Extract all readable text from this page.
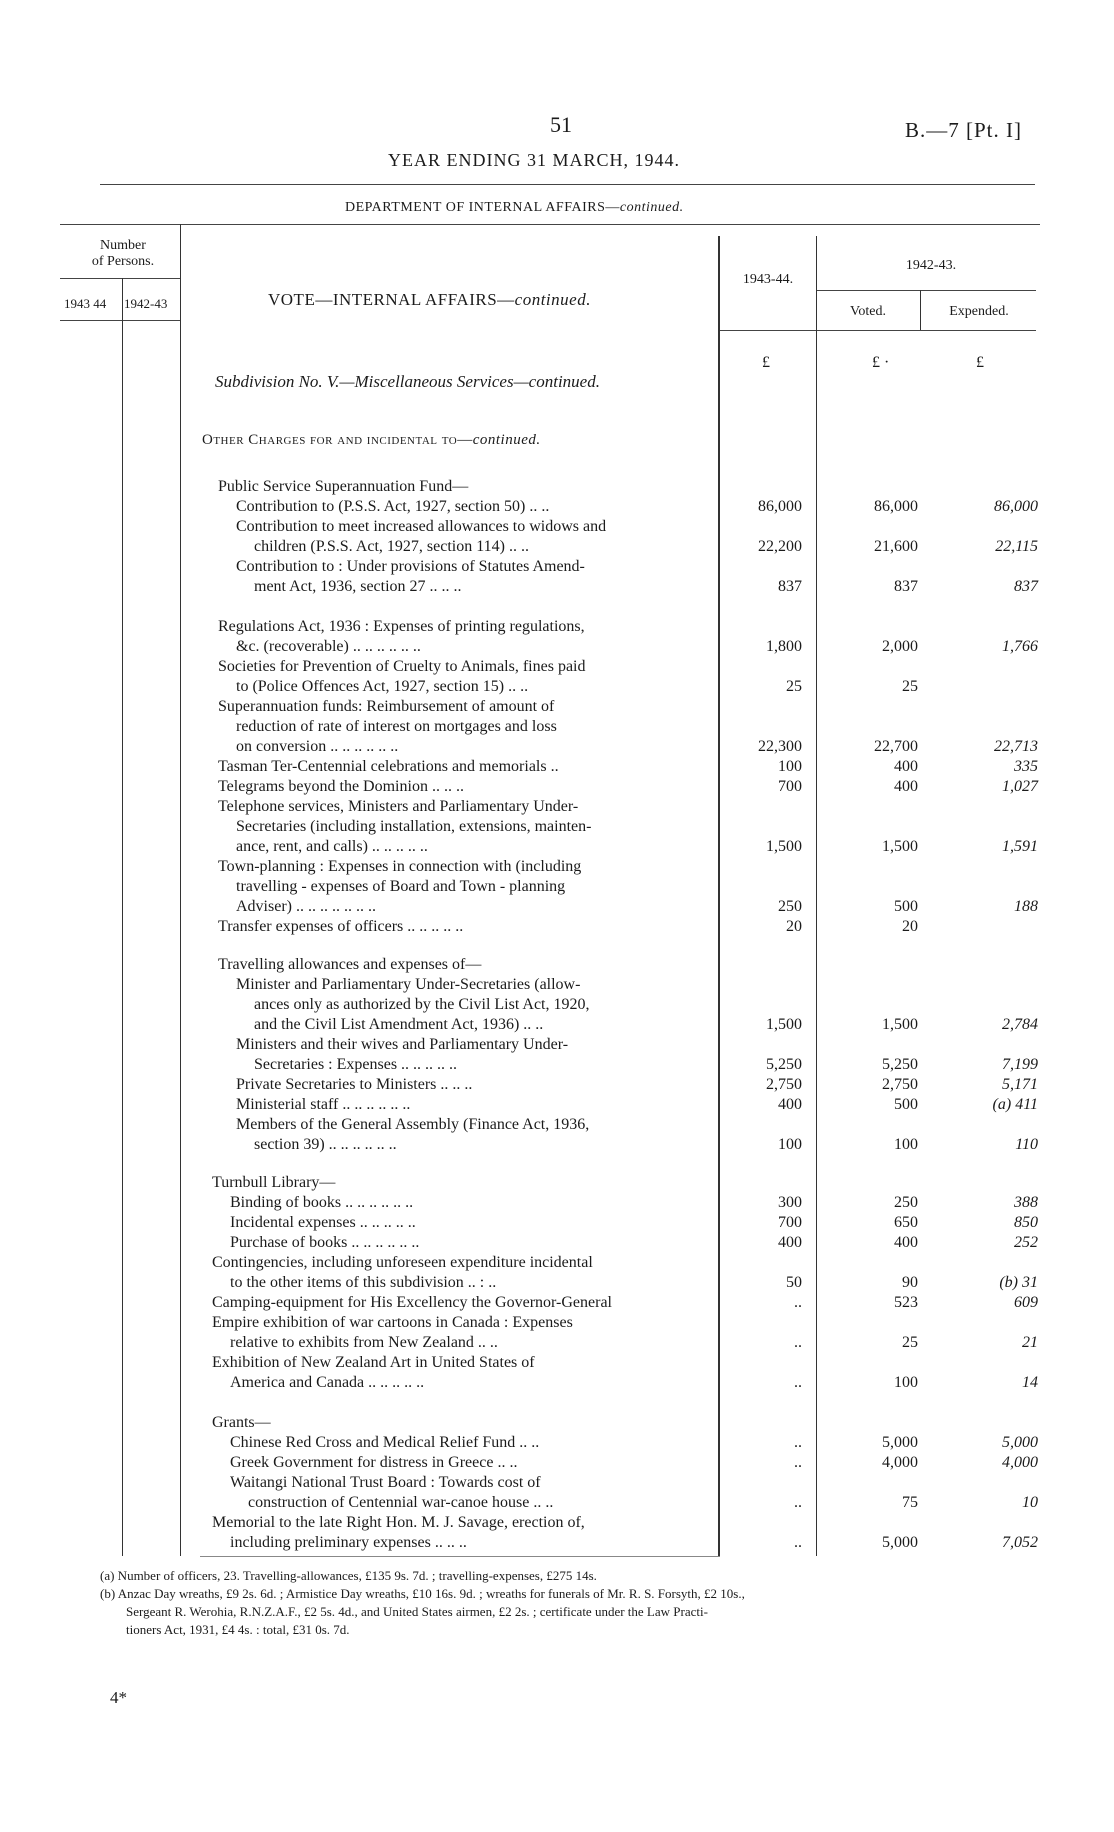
51	B.—7 [Pt. I]
YEAR ENDING 31 MARCH, 1944.
DEPARTMENT OF INTERNAL AFFAIRS—continued.
Number
of Persons.
1943 44 1942-43	VOTE—INTERNAL AFFAIRS—continued.
1943-44.
1942-43.
Voted.	Expended.
£	£ ·	£
Subdivision No. V.—Miscellaneous Services—continued.
Other Charges for and incidental to—continued.
Public Service Superannuation Fund—
Contribution to (P.S.S. Act, 1927, section 50) .. ..	86,000	86,000	86,000
Contribution to meet increased allowances to widows and
children (P.S.S. Act, 1927, section 114) .. ..	22,200	21,600	22,115
Contribution to : Under provisions of Statutes Amend-
ment Act, 1936, section 27 .. .. ..	837	837	837
Regulations Act, 1936 : Expenses of printing regulations,
&c. (recoverable) .. .. .. .. .. ..	1,800	2,000	1,766
Societies for Prevention of Cruelty to Animals, fines paid
to (Police Offences Act, 1927, section 15) .. ..	25	25
Superannuation funds: Reimbursement of amount of
reduction of rate of interest on mortgages and loss
on conversion .. .. .. .. .. ..	22,300	22,700	22,713
Tasman Ter-Centennial celebrations and memorials ..	100	400	335
Telegrams beyond the Dominion .. .. ..	700	400	1,027
Telephone services, Ministers and Parliamentary Under-
Secretaries (including installation, extensions, mainten-
ance, rent, and calls) .. .. .. .. ..	1,500	1,500	1,591
Town-planning : Expenses in connection with (including
travelling - expenses of Board and Town - planning
Adviser) .. .. .. .. .. .. ..	250	500	188
Transfer expenses of officers .. .. .. .. ..	20	20
Travelling allowances and expenses of—
Minister and Parliamentary Under-Secretaries (allow-
ances only as authorized by the Civil List Act, 1920,
and the Civil List Amendment Act, 1936) .. ..	1,500	1,500	2,784
Ministers and their wives and Parliamentary Under-
Secretaries : Expenses .. .. .. .. ..	5,250	5,250	7,199
Private Secretaries to Ministers .. .. ..	2,750	2,750	5,171
Ministerial staff .. .. .. .. .. ..	400	500	(a) 411
Members of the General Assembly (Finance Act, 1936,
section 39) .. .. .. .. .. ..	100	100	110
Turnbull Library—
Binding of books .. .. .. .. .. ..	300	250	388
Incidental expenses .. .. .. .. ..	700	650	850
Purchase of books .. .. .. .. .. ..	400	400	252
Contingencies, including unforeseen expenditure incidental
to the other items of this subdivision .. : ..	50	90	(b) 31
Camping-equipment for His Excellency the Governor-General	..	523	609
Empire exhibition of war cartoons in Canada : Expenses
relative to exhibits from New Zealand .. ..	..	25	21
Exhibition of New Zealand Art in United States of
America and Canada .. .. .. .. ..	..	100	14
Grants—
Chinese Red Cross and Medical Relief Fund .. ..	..	5,000	5,000
Greek Government for distress in Greece .. ..	..	4,000	4,000
Waitangi National Trust Board : Towards cost of
construction of Centennial war-canoe house .. ..	..	75	10
Memorial to the late Right Hon. M. J. Savage, erection of,
including preliminary expenses .. .. ..	..	5,000	7,052
(a) Number of officers, 23. Travelling-allowances, £135 9s. 7d. ; travelling-expenses, £275 14s.
(b) Anzac Day wreaths, £9 2s. 6d. ; Armistice Day wreaths, £10 16s. 9d. ; wreaths for funerals of Mr. R. S. Forsyth, £2 10s.,
Sergeant R. Werohia, R.N.Z.A.F., £2 5s. 4d., and United States airmen, £2 2s. ; certificate under the Law Practi-
tioners Act, 1931, £4 4s. : total, £31 0s. 7d.
4*
